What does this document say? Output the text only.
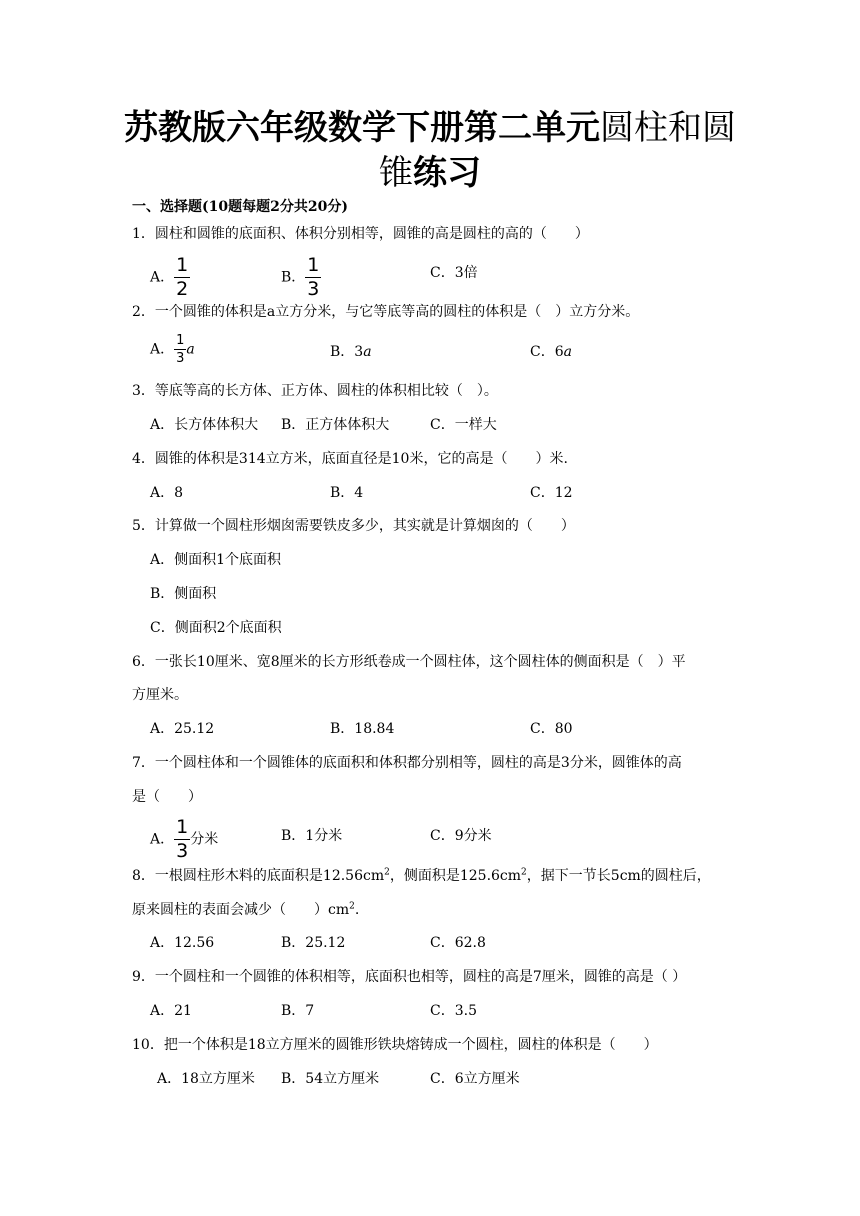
苏教版六年级数学下册第二单元圆柱和圆
锥练习
一、选择题(10题每题2分共20分)
1．圆柱和圆锥的底面积、体积分别相等，圆锥的高是圆柱的高的（　　）
A． $\frac{1}{2}$	B． $\frac{1}{3}$	C．3倍
2．一个圆锥的体积是a立方分米，与它等底等高的圆柱的体积是（　）立方分米。
A． $\frac{1}{3}$ a	B．3a	C．6a
3．等底等高的长方体、正方体、圆柱的体积相比较（　）。
A．长方体体积大 B．正方体体积大	C．一样大
4．圆锥的体积是314立方米，底面直径是10米，它的高是（　　）米.
A．8	B．4	C．12
5．计算做一个圆柱形烟囱需要铁皮多少，其实就是计算烟囱的（　　）
A．侧面积1个底面积
B．侧面积
C．侧面积2个底面积
6．一张长10厘米、宽8厘米的长方形纸卷成一个圆柱体，这个圆柱体的侧面积是（　）平
方厘米。
A．25.12	B．18.84	C．80
7．一个圆柱体和一个圆锥体的底面积和体积都分别相等，圆柱的高是3分米，圆锥体的高
是（　　）
A． $\frac{1}{3}$ 分米	B．1分米	C．9分米
8．一根圆柱形木料的底面积是$12.56cm^2$，侧面积是$125.6cm^2$，据下一节长5cm的圆柱后，
原来圆柱的表面会减少（　　）$cm^2$.
A．12.56	B．25.12	C．62.8
9．一个圆柱和一个圆锥的体积相等，底面积也相等，圆柱的高是7厘米，圆锥的高是（ ）
A．21	B．7	C．3.5
10．把一个体积是18立方厘米的圆锥形铁块熔铸成一个圆柱，圆柱的体积是（　　）
A．18立方厘米 B．54立方厘米	C．6立方厘米
